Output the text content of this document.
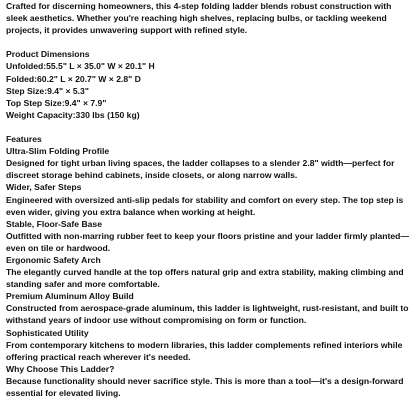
Crafted for discerning homeowners, this 4-step folding ladder blends robust construction with sleek aesthetics. Whether you're reaching high shelves, replacing bulbs, or tackling weekend projects, it provides unwavering support with refined style.

Product Dimensions

Unfolded:55.5" L × 35.0" W × 20.1" H

Folded:60.2" L × 20.7" W × 2.8" D

Step Size:9.4" × 5.3"

Top Step Size:9.4" × 7.9"

Weight Capacity:330 lbs (150 kg)

Features

Ultra-Slim Folding Profile

Designed for tight urban living spaces, the ladder collapses to a slender 2.8" width—perfect for discreet storage behind cabinets, inside closets, or along narrow walls.

Wider, Safer Steps

Engineered with oversized anti-slip pedals for stability and comfort on every step. The top step is even wider, giving you extra balance when working at height.

Stable, Floor-Safe Base

Outfitted with non-marring rubber feet to keep your floors pristine and your ladder firmly planted—even on tile or hardwood.

Ergonomic Safety Arch

The elegantly curved handle at the top offers natural grip and extra stability, making climbing and standing safer and more comfortable.

Premium Aluminum Alloy Build

Constructed from aerospace-grade aluminum, this ladder is lightweight, rust-resistant, and built to withstand years of indoor use without compromising on form or function.

Sophisticated Utility

From contemporary kitchens to modern libraries, this ladder complements refined interiors while offering practical reach wherever it's needed.

Why Choose This Ladder?

Because functionality should never sacrifice style. This is more than a tool—it's a design-forward essential for elevated living.
